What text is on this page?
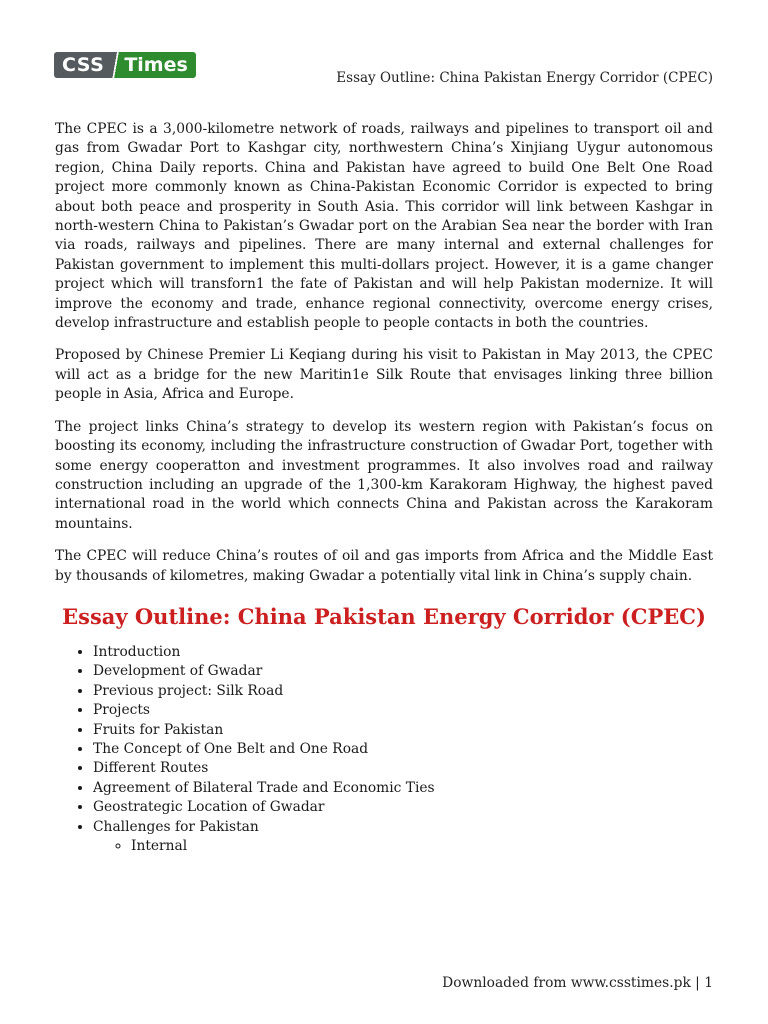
CSS	Times
Essay Outline: China Pakistan Energy Corridor (CPEC)

The CPEC is a 3,000-kilometre network of roads, railways and pipelines to transport oil and gas from Gwadar Port to Kashgar city, northwestern China’s Xinjiang Uygur autonomous region, China Daily reports. China and Pakistan have agreed to build One Belt One Road project more commonly known as China-Pakistan Economic Corridor is expected to bring about both peace and prosperity in South Asia. This corridor will link between Kashgar in north-western China to Pakistan’s Gwadar port on the Arabian Sea near the border with Iran via roads, railways and pipelines. There are many internal and external challenges for Pakistan government to implement this multi-dollars project. However, it is a game changer project which will transforn1 the fate of Pakistan and will help Pakistan modernize. It will improve the economy and trade, enhance regional connectivity, overcome energy crises, develop infrastructure and establish people to people contacts in both the countries.

Proposed by Chinese Premier Li Keqiang during his visit to Pakistan in May 2013, the CPEC will act as a bridge for the new Maritin1e Silk Route that envisages linking three billion people in Asia, Africa and Europe.

The project links China’s strategy to develop its western region with Pakistan’s focus on boosting its economy, including the infrastructure construction of Gwadar Port, together with some energy cooperatton and investment programmes. It also involves road and railway construction including an upgrade of the 1,300-km Karakoram Highway, the highest paved international road in the world which connects China and Pakistan across the Karakoram mountains.

The CPEC will reduce China’s routes of oil and gas imports from Africa and the Middle East by thousands of kilometres, making Gwadar a potentially vital link in China’s supply chain.

Essay Outline: China Pakistan Energy Corridor (CPEC)
• Introduction
• Development of Gwadar
• Previous project: Silk Road
• Projects
• Fruits for Pakistan
• The Concept of One Belt and One Road
• Different Routes
• Agreement of Bilateral Trade and Economic Ties
• Geostrategic Location of Gwadar
• Challenges for Pakistan
◦ Internal
Downloaded from www.csstimes.pk | 1
